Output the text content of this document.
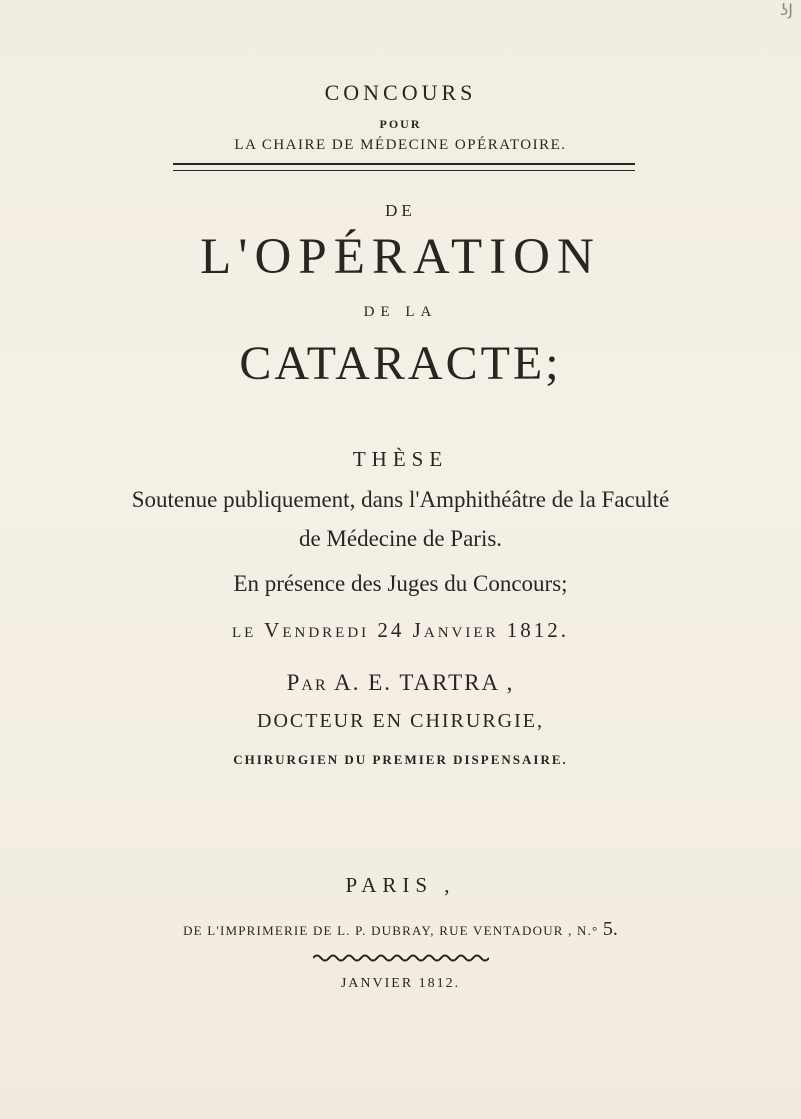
ʖJ
CONCOURS
POUR
LA CHAIRE DE MÉDECINE OPÉRATOIRE.
DE
L'OPÉRATION
DE LA
CATARACTE;
THÈSE
Soutenue publiquement, dans l'Amphithéâtre de la Faculté
de Médecine de Paris.
En présence des Juges du Concours;
LE VENDREDI 24 JANVIER 1812.
PAR A. E. TARTRA ,
DOCTEUR EN CHIRURGIE,
CHIRURGIEN DU PREMIER DISPENSAIRE.
PARIS ,
DE L'IMPRIMERIE DE L. P. DUBRAY, RUE VENTADOUR , N.° 5.
JANVIER 1812.
